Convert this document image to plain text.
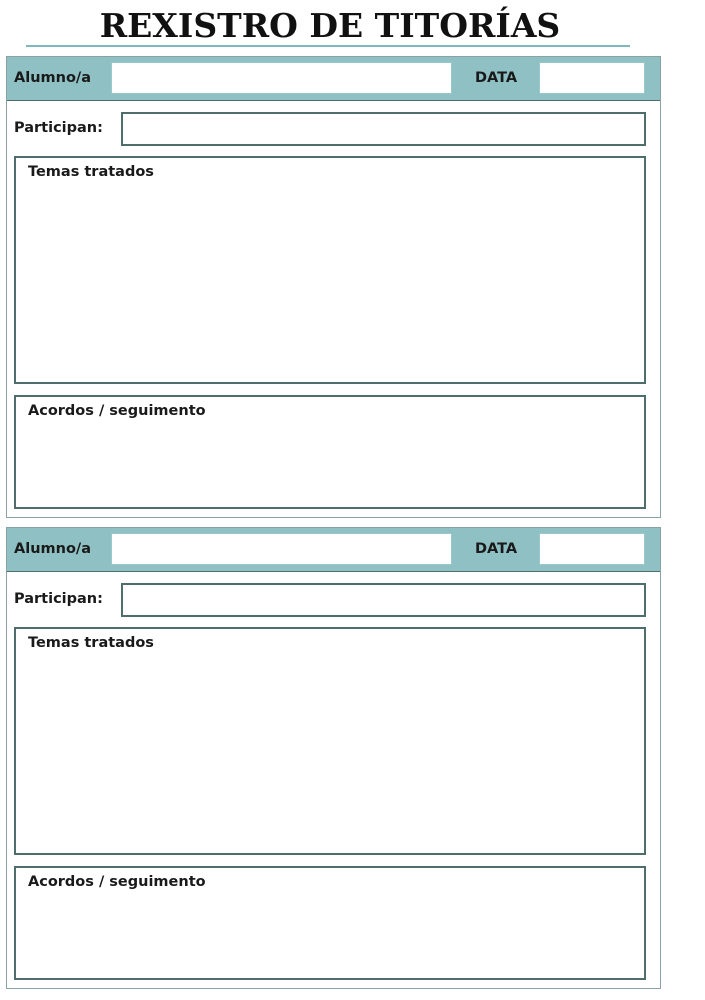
REXISTRO DE TITORÍAS
Alumno/a	DATA
Participan:
Temas tratados
Acordos / seguimento
Alumno/a	DATA
Participan:
Temas tratados
Acordos / seguimento
